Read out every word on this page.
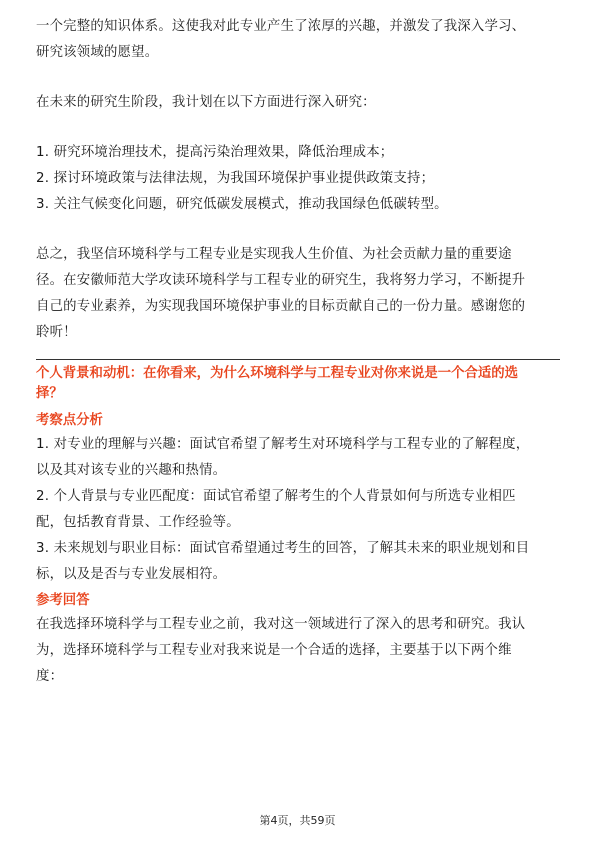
一个完整的知识体系。这使我对此专业产生了浓厚的兴趣，并激发了我深入学习、

研究该领域的愿望。

在未来的研究生阶段，我计划在以下方面进行深入研究：

1. 研究环境治理技术，提高污染治理效果，降低治理成本；

2. 探讨环境政策与法律法规，为我国环境保护事业提供政策支持；

3. 关注气候变化问题，研究低碳发展模式，推动我国绿色低碳转型。

总之，我坚信环境科学与工程专业是实现我人生价值、为社会贡献力量的重要途

径。在安徽师范大学攻读环境科学与工程专业的研究生，我将努力学习，不断提升

自己的专业素养，为实现我国环境保护事业的目标贡献自己的一份力量。感谢您的

聆听！

个人背景和动机：在你看来，为什么环境科学与工程专业对你来说是一个合适的选
择？
考察点分析

1. 对专业的理解与兴趣：面试官希望了解考生对环境科学与工程专业的了解程度，

以及其对该专业的兴趣和热情。

2. 个人背景与专业匹配度：面试官希望了解考生的个人背景如何与所选专业相匹

配，包括教育背景、工作经验等。

3. 未来规划与职业目标：面试官希望通过考生的回答，了解其未来的职业规划和目

标，以及是否与专业发展相符。

参考回答

在我选择环境科学与工程专业之前，我对这一领域进行了深入的思考和研究。我认

为，选择环境科学与工程专业对我来说是一个合适的选择，主要基于以下两个维

度：

第4页，共59页
